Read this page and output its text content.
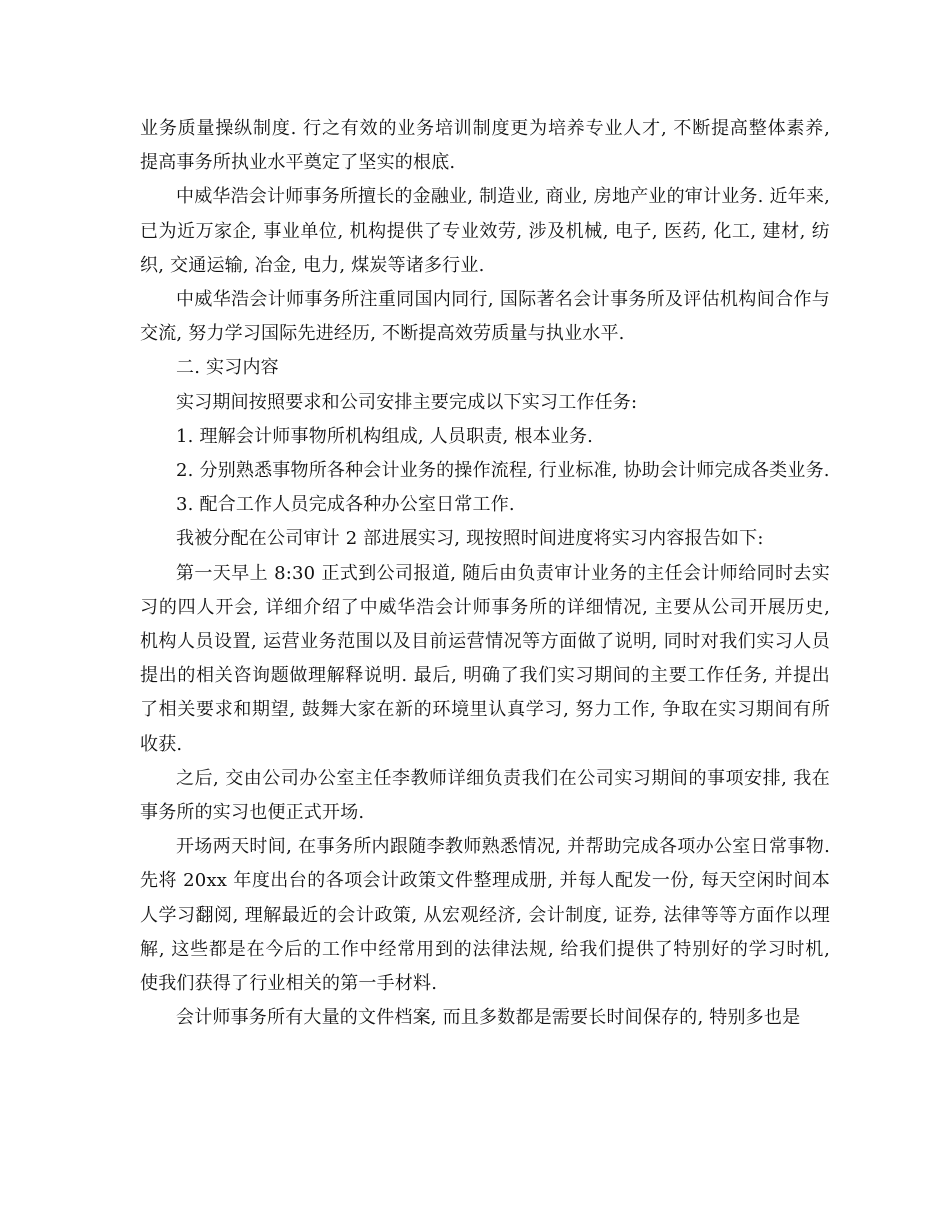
业务质量操纵制度. 行之有效的业务培训制度更为培养专业人才, 不断提高整体素养, 提高事务所执业水平奠定了坚实的根底.

中威华浩会计师事务所擅长的金融业, 制造业, 商业, 房地产业的审计业务. 近年来, 已为近万家企, 事业单位, 机构提供了专业效劳, 涉及机械, 电子, 医药, 化工, 建材, 纺织, 交通运输, 冶金, 电力, 煤炭等诸多行业.

中威华浩会计师事务所注重同国内同行, 国际著名会计事务所及评估机构间合作与交流, 努力学习国际先进经历, 不断提高效劳质量与执业水平.

二. 实习内容

实习期间按照要求和公司安排主要完成以下实习工作任务:

1. 理解会计师事物所机构组成, 人员职责, 根本业务.

2. 分别熟悉事物所各种会计业务的操作流程, 行业标准, 协助会计师完成各类业务.

3. 配合工作人员完成各种办公室日常工作.

我被分配在公司审计 2 部进展实习, 现按照时间进度将实习内容报告如下:

第一天早上 8:30 正式到公司报道, 随后由负责审计业务的主任会计师给同时去实习的四人开会, 详细介绍了中威华浩会计师事务所的详细情况, 主要从公司开展历史, 机构人员设置, 运营业务范围以及目前运营情况等方面做了说明, 同时对我们实习人员提出的相关咨询题做理解释说明. 最后, 明确了我们实习期间的主要工作任务, 并提出了相关要求和期望, 鼓舞大家在新的环境里认真学习, 努力工作, 争取在实习期间有所收获.

之后, 交由公司办公室主任李教师详细负责我们在公司实习期间的事项安排, 我在事务所的实习也便正式开场.

开场两天时间, 在事务所内跟随李教师熟悉情况, 并帮助完成各项办公室日常事物. 先将 20xx 年度出台的各项会计政策文件整理成册, 并每人配发一份, 每天空闲时间本人学习翻阅, 理解最近的会计政策, 从宏观经济, 会计制度, 证券, 法律等等方面作以理解, 这些都是在今后的工作中经常用到的法律法规, 给我们提供了特别好的学习时机, 使我们获得了行业相关的第一手材料.

会计师事务所有大量的文件档案, 而且多数都是需要长时间保存的, 特别多也是
